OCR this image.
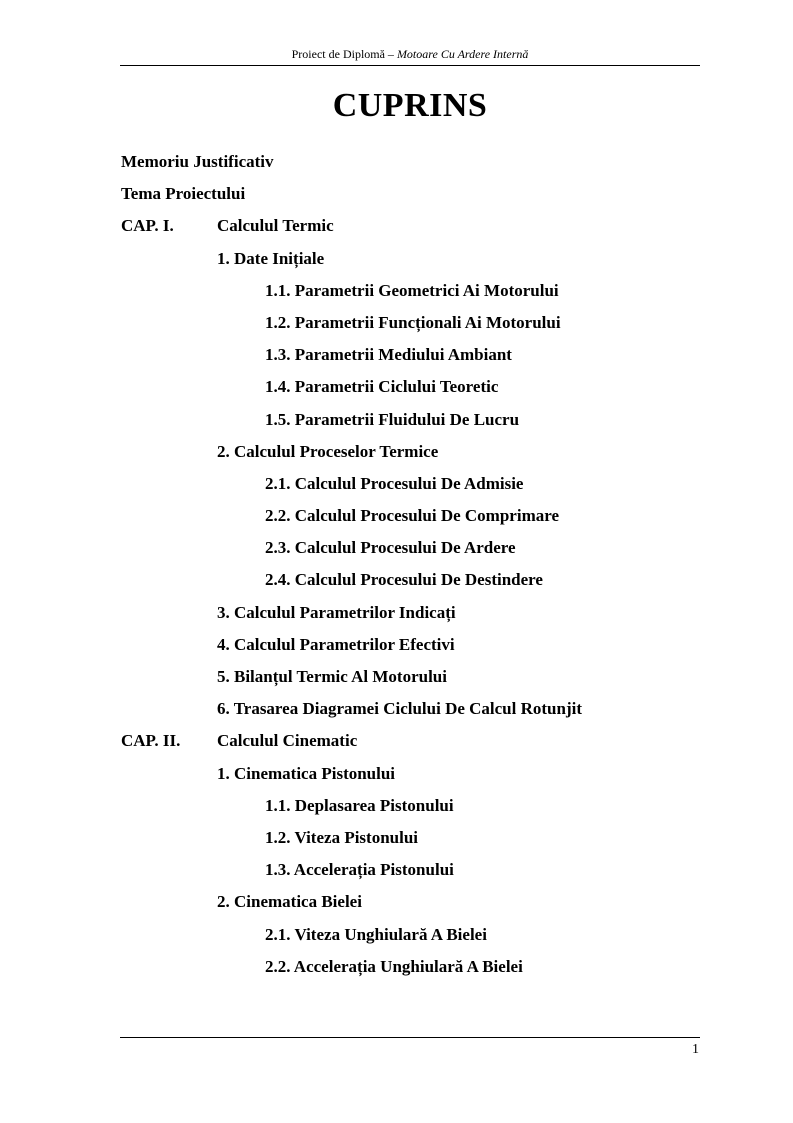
Proiect de Diplomă – Motoare Cu Ardere Internă
CUPRINS
Memoriu Justificativ
Tema Proiectului
CAP. I.	Calculul Termic
1. Date Inițiale
1.1. Parametrii Geometrici Ai Motorului
1.2. Parametrii Funcționali Ai Motorului
1.3. Parametrii Mediului Ambiant
1.4. Parametrii Ciclului Teoretic
1.5. Parametrii Fluidului De Lucru
2. Calculul Proceselor Termice
2.1. Calculul Procesului De Admisie
2.2. Calculul Procesului De Comprimare
2.3. Calculul Procesului De Ardere
2.4. Calculul Procesului De Destindere
3. Calculul Parametrilor Indicați
4. Calculul Parametrilor Efectivi
5. Bilanțul Termic Al Motorului
6. Trasarea Diagramei Ciclului De Calcul Rotunjit
CAP. II. Calculul Cinematic
1. Cinematica Pistonului
1.1. Deplasarea Pistonului
1.2. Viteza Pistonului
1.3. Accelerația Pistonului
2. Cinematica Bielei
2.1. Viteza Unghiulară A Bielei
2.2. Accelerația Unghiulară A Bielei
1
